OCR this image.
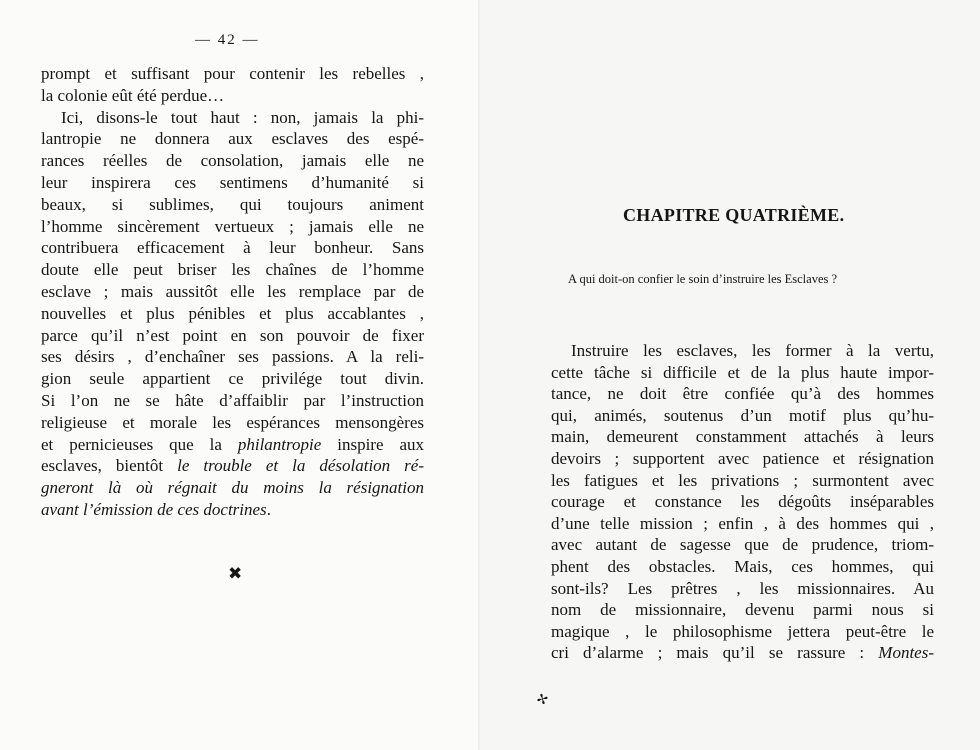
— 42 —
prompt et suffisant pour contenir les rebelles ,
la colonie eût été perdue…
Ici, disons-le tout haut : non, jamais la phi-
lantropie ne donnera aux esclaves des espé-
rances réelles de consolation, jamais elle ne
leur inspirera ces sentimens d’humanité si
beaux, si sublimes, qui toujours animent
l’homme sincèrement vertueux ; jamais elle ne
contribuera efficacement à leur bonheur. Sans
doute elle peut briser les chaînes de l’homme
esclave ; mais aussitôt elle les remplace par de
nouvelles et plus pénibles et plus accablantes ,
parce qu’il n’est point en son pouvoir de fixer
ses désirs , d’enchaîner ses passions. A la reli-
gion seule appartient ce privilége tout divin.
Si l’on ne se hâte d’affaiblir par l’instruction
religieuse et morale les espérances mensongères
et pernicieuses que la philantropie inspire aux
esclaves, bientôt le trouble et la désolation ré-
gneront là où régnait du moins la résignation
avant l’émission de ces doctrines.
✖
CHAPITRE QUATRIÈME.
A qui doit-on confier le soin d’instruire les Esclaves ?
Instruire les esclaves, les former à la vertu,
cette tâche si difficile et de la plus haute impor-
tance, ne doit être confiée qu’à des hommes
qui, animés, soutenus d’un motif plus qu’hu-
main, demeurent constamment attachés à leurs
devoirs ; supportent avec patience et résignation
les fatigues et les privations ; surmontent avec
courage et constance les dégoûts inséparables
d’une telle mission ; enfin , à des hommes qui ,
avec autant de sagesse que de prudence, triom-
phent des obstacles. Mais, ces hommes, qui
sont-ils? Les prêtres , les missionnaires. Au
nom de missionnaire, devenu parmi nous si
magique , le philosophisme jettera peut-être le
cri d’alarme ; mais qu’il se rassure : Montes-
✢
